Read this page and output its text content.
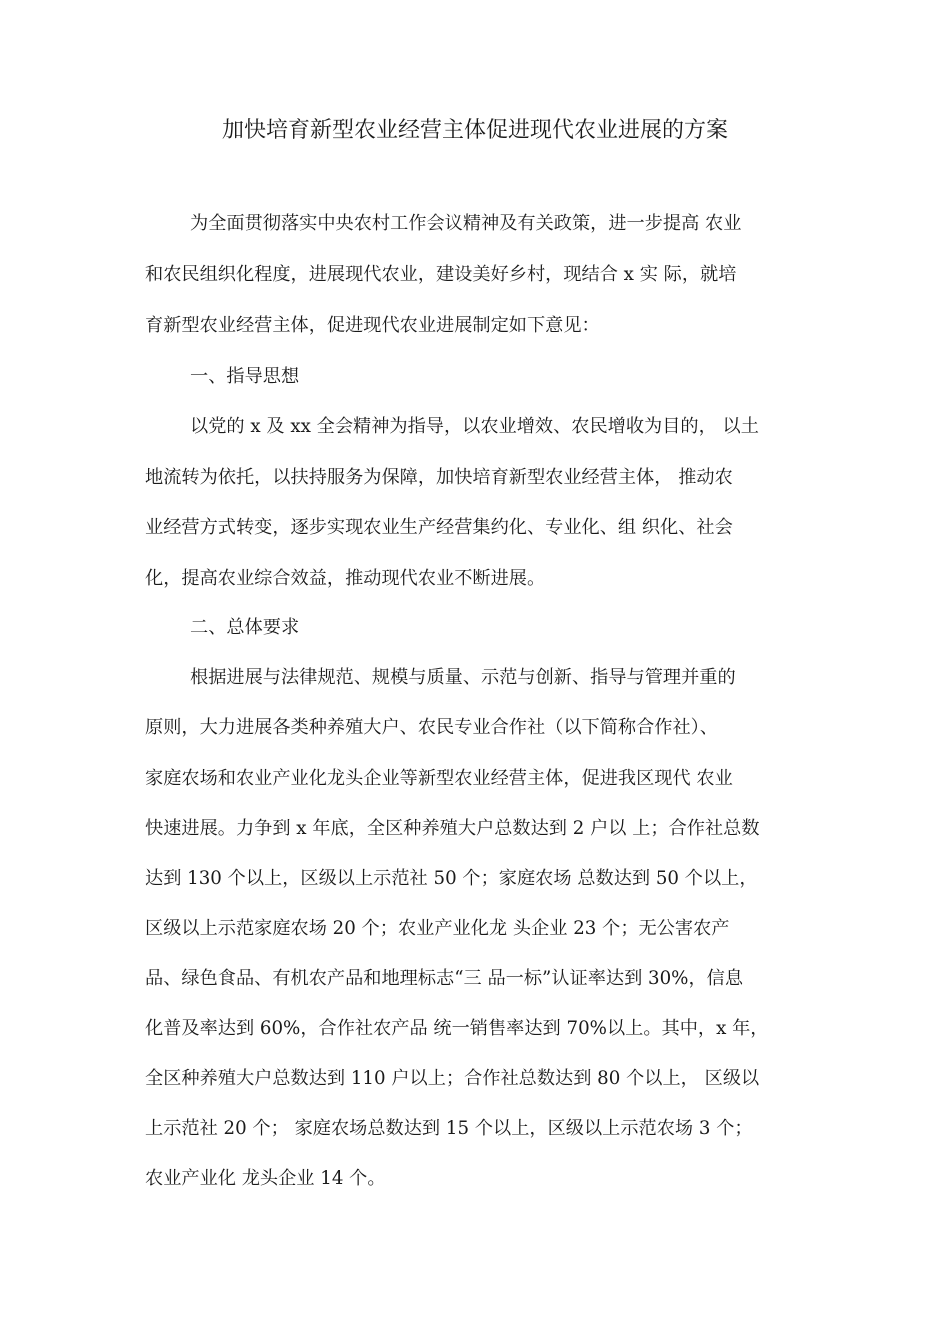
加快培育新型农业经营主体促进现代农业进展的方案
为全面贯彻落实中央农村工作会议精神及有关政策，进一步提高 农业
和农民组织化程度，进展现代农业，建设美好乡村，现结合 x 实 际，就培
育新型农业经营主体，促进现代农业进展制定如下意见：
一、指导思想
以党的 x 及 xx 全会精神为指导，以农业增效、农民增收为目的， 以土
地流转为依托，以扶持服务为保障，加快培育新型农业经营主体， 推动农
业经营方式转变，逐步实现农业生产经营集约化、专业化、组 织化、社会
化，提高农业综合效益，推动现代农业不断进展。
二、总体要求
根据进展与法律规范、规模与质量、示范与创新、指导与管理并重的
原则，大力进展各类种养殖大户、农民专业合作社（以下简称合作社）、
家庭农场和农业产业化龙头企业等新型农业经营主体，促进我区现代 农业
快速进展。力争到 x 年底，全区种养殖大户总数达到 2 户以 上；合作社总数
达到 130 个以上，区级以上示范社 50 个；家庭农场 总数达到 50 个以上，
区级以上示范家庭农场 20 个；农业产业化龙 头企业 23 个；无公害农产
品、绿色食品、有机农产品和地理标志“三 品一标”认证率达到 30%，信息
化普及率达到 60%，合作社农产品 统一销售率达到 70%以上。其中，x 年，
全区种养殖大户总数达到 110 户以上；合作社总数达到 80 个以上， 区级以
上示范社 20 个； 家庭农场总数达到 15 个以上，区级以上示范农场 3 个；
农业产业化 龙头企业 14 个。
